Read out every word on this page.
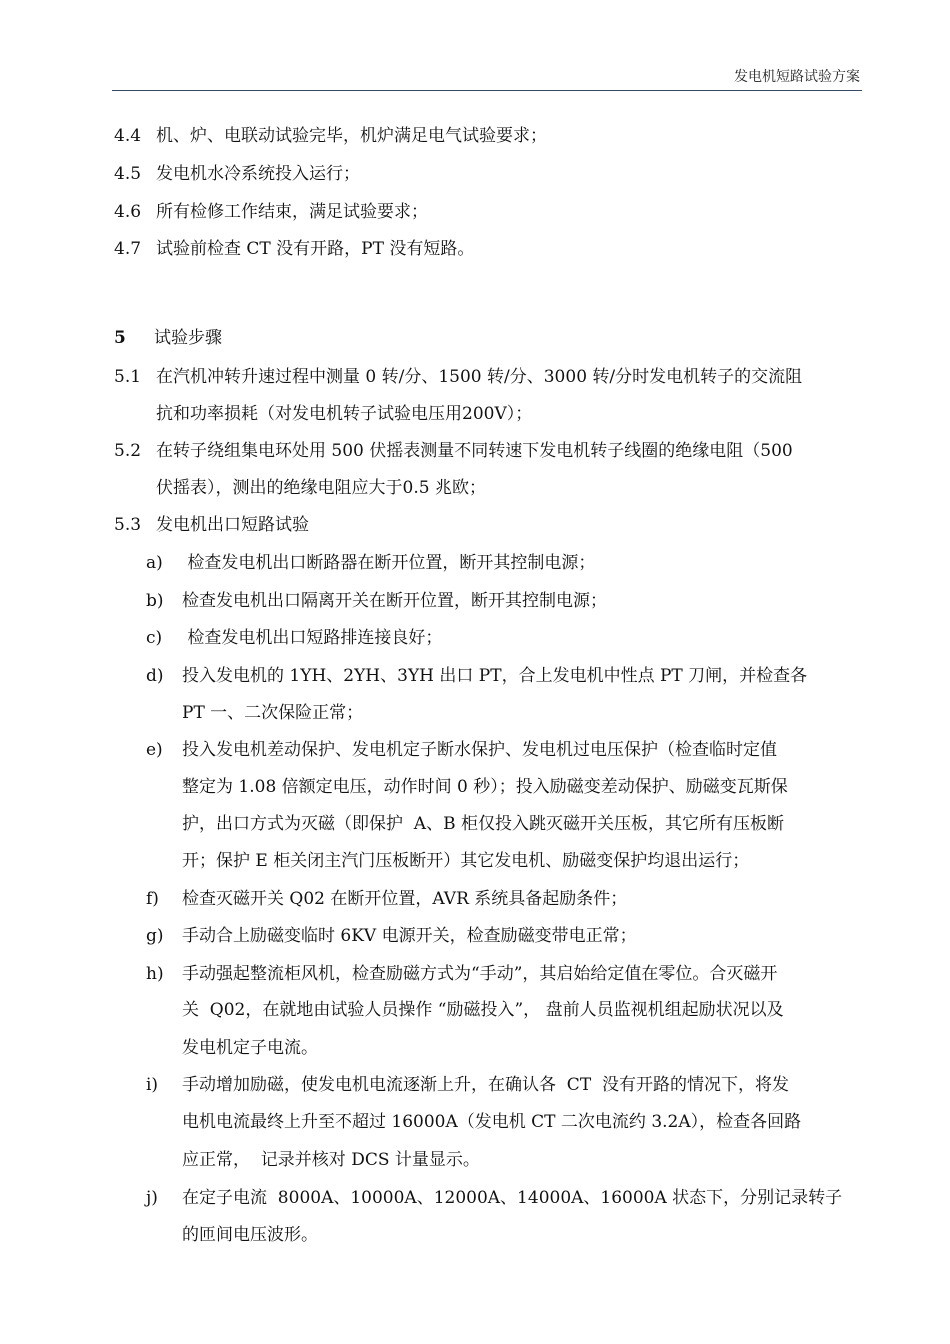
发电机短路试验方案
4.4 机、炉、电联动试验完毕，机炉满足电气试验要求；
4.5 发电机水冷系统投入运行；
4.6 所有检修工作结束，满足试验要求；
4.7 试验前检查 CT 没有开路，PT 没有短路。
5 试验步骤
5.1 在汽机冲转升速过程中测量 0 转/分、1500 转/分、3000 转/分时发电机转子的交流阻
抗和功率损耗（对发电机转子试验电压用200V）；
5.2 在转子绕组集电环处用 500 伏摇表测量不同转速下发电机转子线圈的绝缘电阻（500
伏摇表），测出的绝缘电阻应大于0.5 兆欧；
5.3 发电机出口短路试验
a) 检查发电机出口断路器在断开位置，断开其控制电源；
b) 检查发电机出口隔离开关在断开位置，断开其控制电源；
c) 检查发电机出口短路排连接良好；
d) 投入发电机的 1YH、2YH、3YH 出口 PT，合上发电机中性点 PT 刀闸，并检查各
PT 一、二次保险正常；
e) 投入发电机差动保护、发电机定子断水保护、发电机过电压保护（检查临时定值
整定为 1.08 倍额定电压，动作时间 0 秒）；投入励磁变差动保护、励磁变瓦斯保
护，出口方式为灭磁（即保护  A、B 柜仅投入跳灭磁开关压板，其它所有压板断
开；保护 E 柜关闭主汽门压板断开）其它发电机、励磁变保护均退出运行；
f) 检查灭磁开关 Q02 在断开位置，AVR 系统具备起励条件；
g) 手动合上励磁变临时 6KV 电源开关，检查励磁变带电正常；
h) 手动强起整流柜风机，检查励磁方式为“手动”，其启始给定值在零位。合灭磁开
关  Q02，在就地由试验人员操作 “励磁投入”， 盘前人员监视机组起励状况以及
发电机定子电流。
i) 手动增加励磁，使发电机电流逐渐上升，在确认各  CT  没有开路的情况下，将发
电机电流最终上升至不超过 16000A（发电机 CT 二次电流约 3.2A），检查各回路
应正常，  记录并核对 DCS 计量显示。
j) 在定子电流  8000A、10000A、12000A、14000A、16000A 状态下，分别记录转子
的匝间电压波形。
